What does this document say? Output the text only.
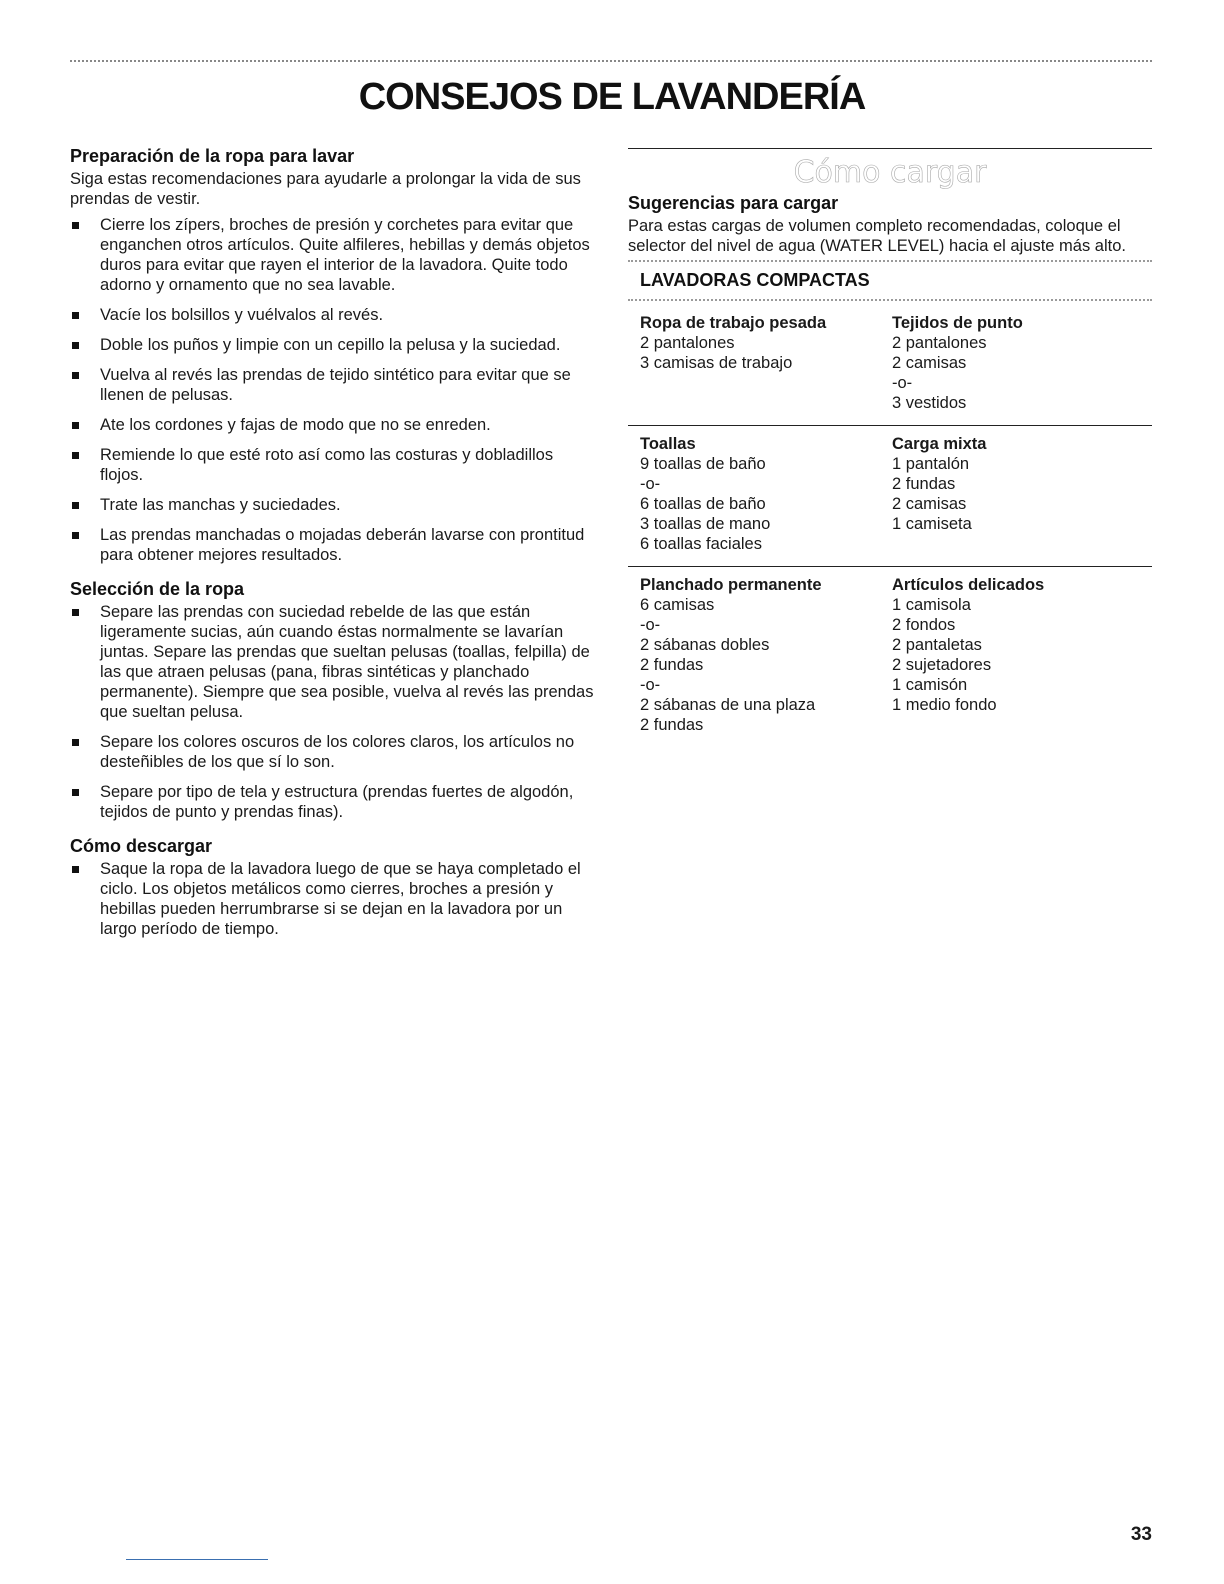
CONSEJOS DE LAVANDERÍA
Preparación de la ropa para lavar

Siga estas recomendaciones para ayudarle a prolongar la vida de sus prendas de vestir.

Cierre los zípers, broches de presión y corchetes para evitar que enganchen otros artículos. Quite alfileres, hebillas y demás objetos duros para evitar que rayen el interior de la lavadora. Quite todo adorno y ornamento que no sea lavable.
Vacíe los bolsillos y vuélvalos al revés.
Doble los puños y limpie con un cepillo la pelusa y la suciedad.
Vuelva al revés las prendas de tejido sintético para evitar que se llenen de pelusas.
Ate los cordones y fajas de modo que no se enreden.
Remiende lo que esté roto así como las costuras y dobladillos flojos.
Trate las manchas y suciedades.
Las prendas manchadas o mojadas deberán lavarse con prontitud para obtener mejores resultados.
Selección de la ropa
Separe las prendas con suciedad rebelde de las que están ligeramente sucias, aún cuando éstas normalmente se lavarían juntas. Separe las prendas que sueltan pelusas (toallas, felpilla) de las que atraen pelusas (pana, fibras sintéticas y planchado permanente). Siempre que sea posible, vuelva al revés las prendas que sueltan pelusa.
Separe los colores oscuros de los colores claros, los artículos no desteñibles de los que sí lo son.
Separe por tipo de tela y estructura (prendas fuertes de algodón, tejidos de punto y prendas finas).
Cómo descargar
Saque la ropa de la lavadora luego de que se haya completado el ciclo. Los objetos metálicos como cierres, broches a presión y hebillas pueden herrumbrarse si se dejan en la lavadora por un largo período de tiempo.
Cómo cargar
Sugerencias para cargar

Para estas cargas de volumen completo recomendadas, coloque el selector del nivel de agua (WATER LEVEL) hacia el ajuste más alto.

LAVADORAS COMPACTAS
Ropa de trabajo pesada
2 pantalones
3 camisas de trabajo
Tejidos de punto
2 pantalones
2 camisas
-o-
3 vestidos
Toallas
9 toallas de baño
-o-
6 toallas de baño
3 toallas de mano
6 toallas faciales
Carga mixta
1 pantalón
2 fundas
2 camisas
1 camiseta
Planchado permanente
6 camisas
-o-
2 sábanas dobles
2 fundas
-o-
2 sábanas de una plaza
2 fundas
Artículos delicados
1 camisola
2 fondos
2 pantaletas
2 sujetadores
1 camisón
1 medio fondo
33
